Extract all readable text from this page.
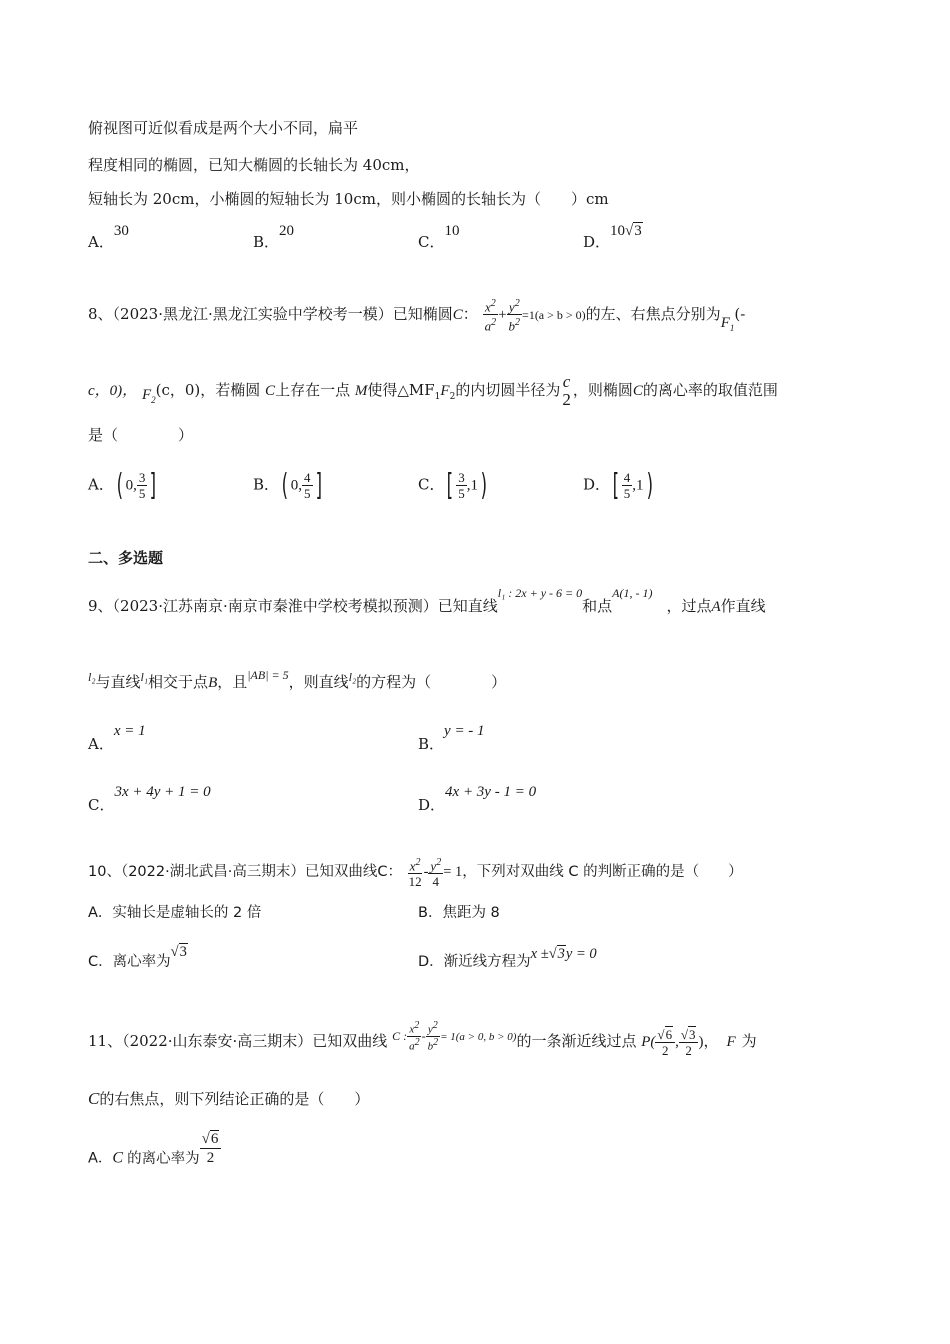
俯视图可近似看成是两个大小不同，扁平
程度相同的椭圆，已知大椭圆的长轴长为 40cm，
短轴长为 20cm，小椭圆的短轴长为 10cm，则小椭圆的长轴长为（　　）cm
A．30
B．20
C．10
D．10√3
8、（2023·黑龙江·黑龙江实验中学校考一模）已知椭圆C： $\frac{x^2}{a^2} + \frac{y^2}{b^2} =1(a > b > 0)$的左、右焦点分别为$F_1(-$
c，0)， $F_2(c$，0)，若椭圆 C上存在一点 M使得$\triangle MF_1F_2$的内切圆半径为 c
2 ，则椭圆C的离心率的取值范围
是（　　　　）
A．( 0, $\frac{3}{5}$ ]	B．( 0, $\frac{4}{5}$ ]	C．[ $\frac{3}{5} ,1$)	D．[ $\frac{4}{5} ,1$)
二、多选题
9、（2023·江苏南京·南京市秦淮中学校考模拟预测）已知直线$^{l_1 : 2x + y - 6 = 0}$和点$^{A(1, - 1)}$，过点A作直线
$^{l_2}$与直线$^{l_1}$相交于点B，且$^{|AB| = 5}$，则直线$^{l_2}$的方程为（　　　　）
A．x = 1
B．y = - 1
C．3x + 4y + 1 = 0
D．4x + 3y - 1 = 0
10、（2022·湖北武昌·高三期末）已知双曲线C： $\frac{x^2}{12} - \frac{y^2}{4} = 1$，下列对双曲线 C 的判断正确的是（　　）
A．实轴长是虚轴长的 2 倍	B．焦距为 8
C．离心率为√3
D．渐近线方程为x ±√3y = 0
11、（2022·山东泰安·高三期末）已知双曲线 $^{C :} \frac{x2}{a2} ^- \frac{y2}{b2} ^{= 1(a > 0, b > 0)}$的一条渐近线过点 $P( \frac{√6}{2}$ , $\frac{√3}{2}$ )， F 为
C的右焦点，则下列结论正确的是（　　）
A．C 的离心率为 $\frac{√6}{2}$
